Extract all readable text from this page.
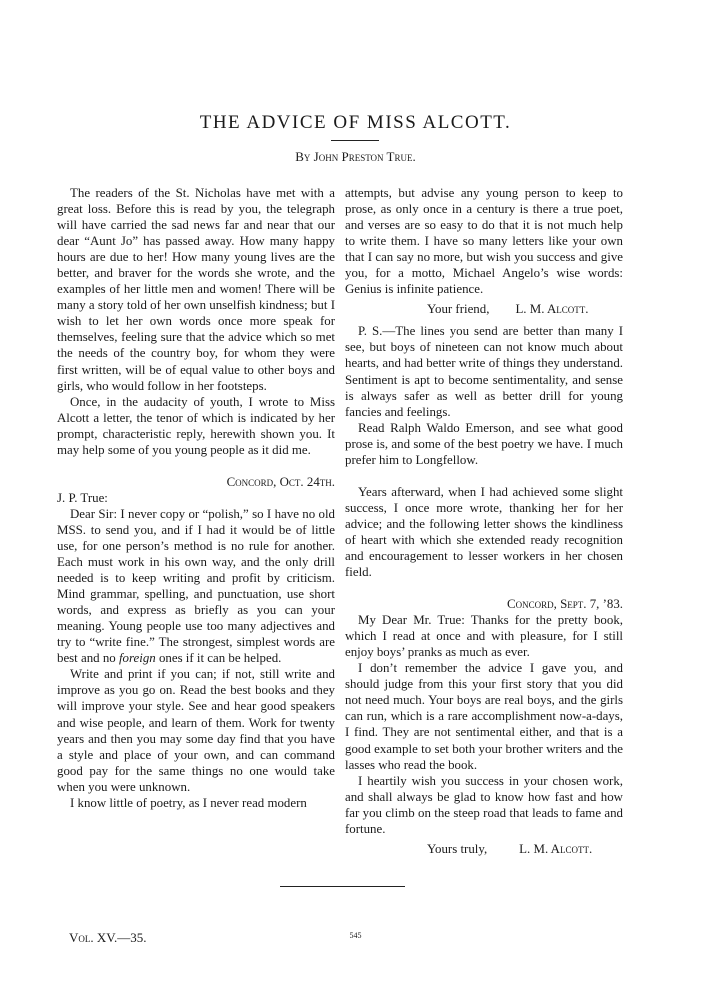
THE ADVICE OF MISS ALCOTT.
By John Preston True.

The readers of the St. Nicholas have met with a great loss. Before this is read by you, the telegraph will have carried the sad news far and near that our dear “Aunt Jo” has passed away. How many happy hours are due to her! How many young lives are the better, and braver for the words she wrote, and the examples of her little men and women! There will be many a story told of her own unselfish kindness; but I wish to let her own words once more speak for themselves, feeling sure that the advice which so met the needs of the country boy, for whom they were first written, will be of equal value to other boys and girls, who would follow in her footsteps.

Once, in the audacity of youth, I wrote to Miss Alcott a letter, the tenor of which is indicated by her prompt, characteristic reply, herewith shown you. It may help some of you young people as it did me.

Concord, Oct. 24th.

J. P. True:

Dear Sir: I never copy or “polish,” so I have no old MSS. to send you, and if I had it would be of little use, for one person’s method is no rule for another. Each must work in his own way, and the only drill needed is to keep writing and profit by criticism. Mind grammar, spelling, and punctuation, use short words, and express as briefly as you can your meaning. Young people use too many adjectives and try to “write fine.” The strongest, simplest words are best and no foreign ones if it can be helped.

Write and print if you can; if not, still write and improve as you go on. Read the best books and they will improve your style. See and hear good speakers and wise people, and learn of them. Work for twenty years and then you may some day find that you have a style and place of your own, and can command good pay for the same things no one would take when you were unknown.

I know little of poetry, as I never read modern

attempts, but advise any young person to keep to prose, as only once in a century is there a true poet, and verses are so easy to do that it is not much help to write them. I have so many letters like your own that I can say no more, but wish you success and give you, for a motto, Michael Angelo’s wise words: Genius is infinite patience.

Your friend, L. M. Alcott.

P. S.—The lines you send are better than many I see, but boys of nineteen can not know much about hearts, and had better write of things they understand. Sentiment is apt to become sentimentality, and sense is always safer as well as better drill for young fancies and feelings.

Read Ralph Waldo Emerson, and see what good prose is, and some of the best poetry we have. I much prefer him to Longfellow.

Years afterward, when I had achieved some slight success, I once more wrote, thanking her for her advice; and the following letter shows the kindliness of heart with which she extended ready recognition and encouragement to lesser workers in her chosen field.

Concord, Sept. 7, ’83.

My Dear Mr. True: Thanks for the pretty book, which I read at once and with pleasure, for I still enjoy boys’ pranks as much as ever.

I don’t remember the advice I gave you, and should judge from this your first story that you did not need much. Your boys are real boys, and the girls can run, which is a rare accomplishment now-a-days, I find. They are not sentimental either, and that is a good example to set both your brother writers and the lasses who read the book.

I heartily wish you success in your chosen work, and shall always be glad to know how fast and how far you climb on the steep road that leads to fame and fortune.

Yours truly, L. M. Alcott.

Vol. XV.—35.	545
